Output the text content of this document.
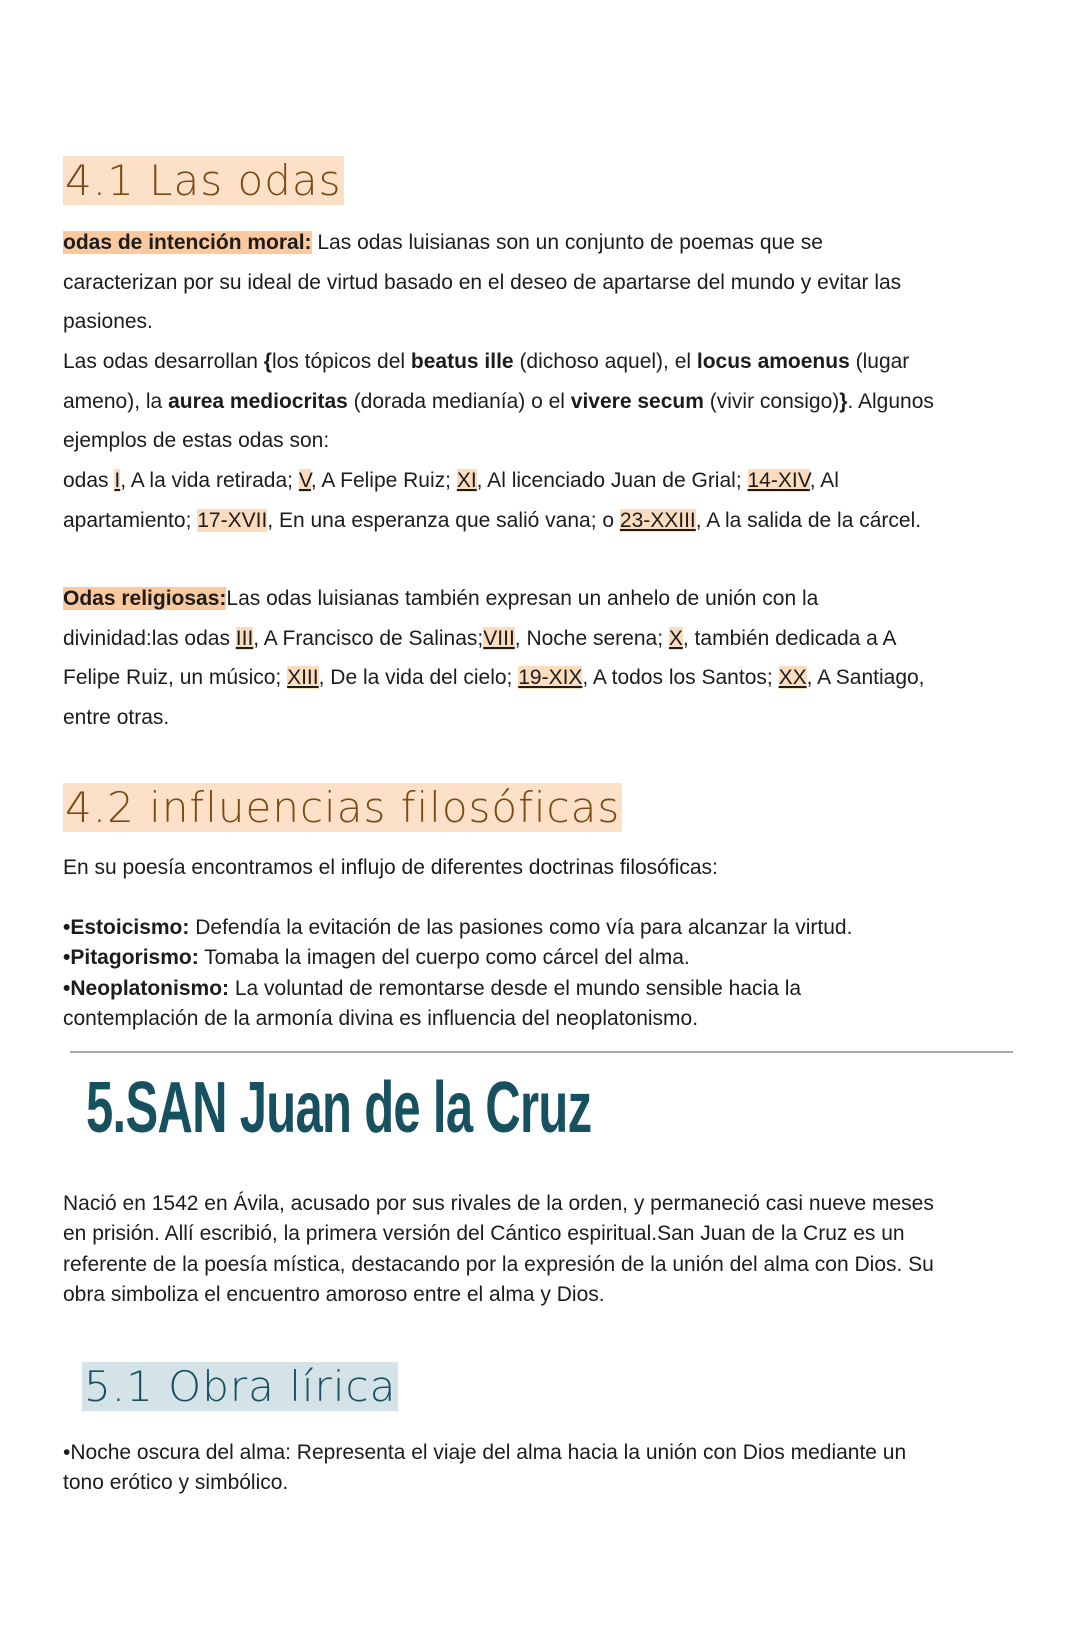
4.1 Las odas
odas de intención moral: Las odas luisianas son un conjunto de poemas que se
caracterizan por su ideal de virtud basado en el deseo de apartarse del mundo y evitar las
pasiones.
Las odas desarrollan {los tópicos del beatus ille (dichoso aquel), el locus amoenus (lugar
ameno), la aurea mediocritas (dorada medianía) o el vivere secum (vivir consigo)}. Algunos
ejemplos de estas odas son:
odas I, A la vida retirada; V, A Felipe Ruiz; XI, Al licenciado Juan de Grial; 14-XIV, Al
apartamiento; 17-XVII, En una esperanza que salió vana; o 23-XXIII, A la salida de la cárcel.
Odas religiosas:Las odas luisianas también expresan un anhelo de unión con la
divinidad:las odas III, A Francisco de Salinas;VIII, Noche serena; X, también dedicada a A
Felipe Ruiz, un músico; XIII, De la vida del cielo; 19-XIX, A todos los Santos; XX, A Santiago,
entre otras.
4.2 influencias filosóficas
En su poesía encontramos el influjo de diferentes doctrinas filosóficas:
•Estoicismo: Defendía la evitación de las pasiones como vía para alcanzar la virtud.
•Pitagorismo: Tomaba la imagen del cuerpo como cárcel del alma.
•Neoplatonismo: La voluntad de remontarse desde el mundo sensible hacia la
contemplación de la armonía divina es influencia del neoplatonismo.
5.SAN Juan de la Cruz
Nació en 1542 en Ávila, acusado por sus rivales de la orden, y permaneció casi nueve meses
en prisión. Allí escribió, la primera versión del Cántico espiritual.San Juan de la Cruz es un
referente de la poesía mística, destacando por la expresión de la unión del alma con Dios. Su
obra simboliza el encuentro amoroso entre el alma y Dios.
5.1 Obra lírica
•Noche oscura del alma: Representa el viaje del alma hacia la unión con Dios mediante un
tono erótico y simbólico.
